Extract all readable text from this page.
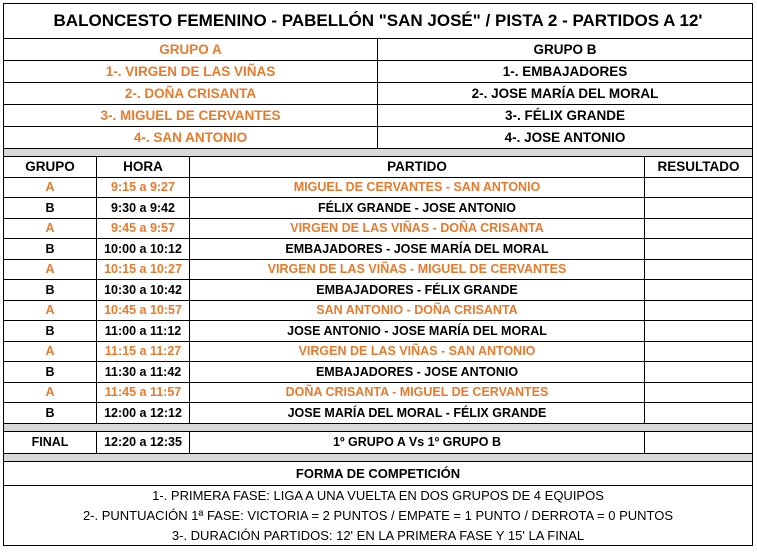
BALONCESTO FEMENINO - PABELLÓN "SAN JOSÉ" / PISTA 2 - PARTIDOS A 12'
GRUPO A	GRUPO B
1-. VIRGEN DE LAS VIÑAS	1-. EMBAJADORES
2-. DOÑA CRISANTA	2-. JOSE MARÍA DEL MORAL
3-. MIGUEL DE CERVANTES	3-. FÉLIX GRANDE
4-. SAN ANTONIO	4-. JOSE ANTONIO
GRUPO	HORA	PARTIDO	RESULTADO
A	9:15 a 9:27	MIGUEL DE CERVANTES - SAN ANTONIO
B	9:30 a 9:42	FÉLIX GRANDE - JOSE ANTONIO
A	9:45 a 9:57	VIRGEN DE LAS VIÑAS - DOÑA CRISANTA
B	10:00 a 10:12	EMBAJADORES - JOSE MARÍA DEL MORAL
A	10:15 a 10:27	VIRGEN DE LAS VIÑAS - MIGUEL DE CERVANTES
B	10:30 a 10:42	EMBAJADORES - FÉLIX GRANDE
A	10:45 a 10:57	SAN ANTONIO - DOÑA CRISANTA
B	11:00 a 11:12	JOSE ANTONIO - JOSE MARÍA DEL MORAL
A	11:15 a 11:27	VIRGEN DE LAS VIÑAS - SAN ANTONIO
B	11:30 a 11:42	EMBAJADORES - JOSE ANTONIO
A	11:45 a 11:57	DOÑA CRISANTA - MIGUEL DE CERVANTES
B	12:00 a 12:12	JOSE MARÍA DEL MORAL - FÉLIX GRANDE
FINAL	12:20 a 12:35	1º GRUPO A Vs 1º GRUPO B
FORMA DE COMPETICIÓN
1-. PRIMERA FASE: LIGA A UNA VUELTA EN DOS GRUPOS DE 4 EQUIPOS
2-. PUNTUACIÓN 1ª FASE: VICTORIA = 2 PUNTOS / EMPATE = 1 PUNTO / DERROTA = 0 PUNTOS
3-. DURACIÓN PARTIDOS: 12' EN LA PRIMERA FASE Y 15' LA FINAL
